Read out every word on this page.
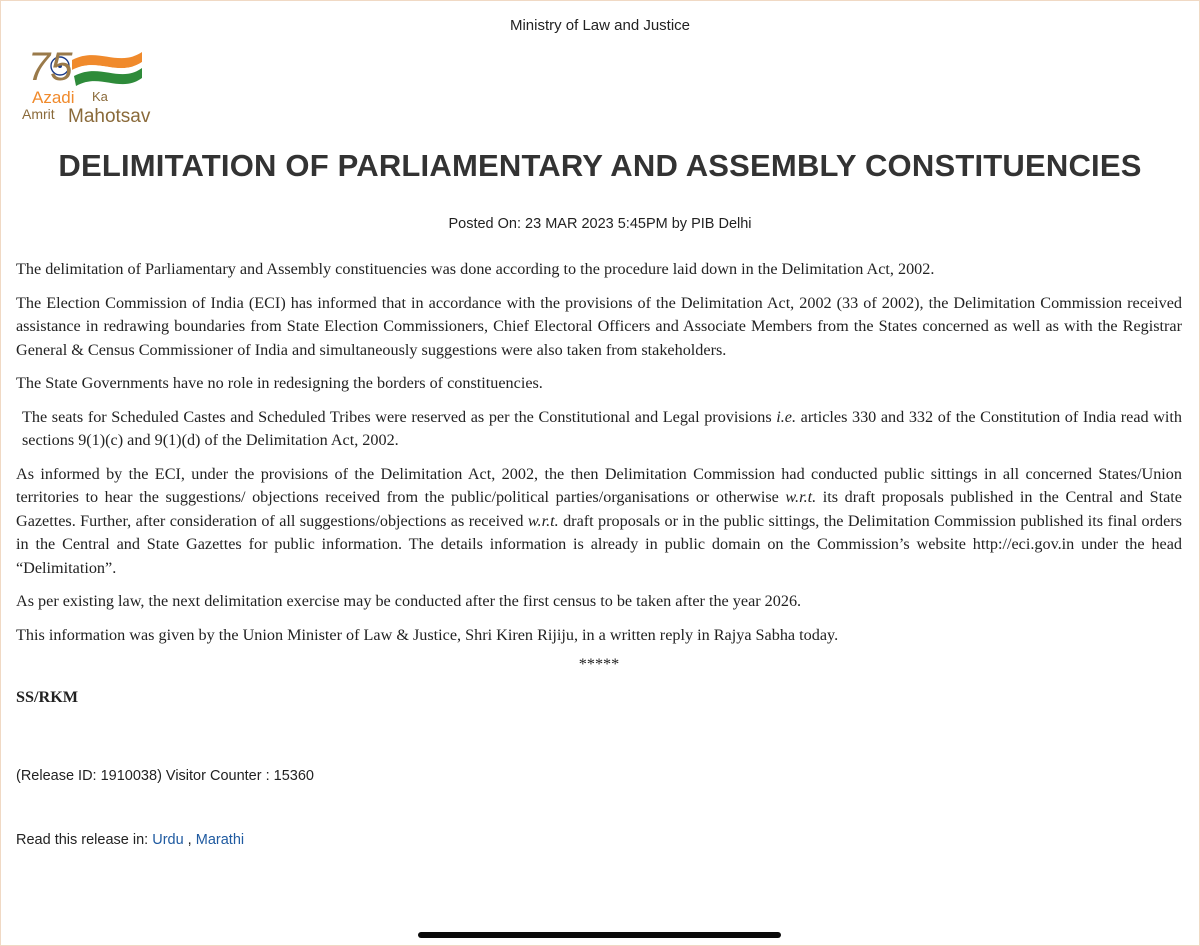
Ministry of Law and Justice
75
Azadi Ka
Amrit Mahotsav
DELIMITATION OF PARLIAMENTARY AND ASSEMBLY CONSTITUENCIES
Posted On: 23 MAR 2023 5:45PM by PIB Delhi

The delimitation of Parliamentary and Assembly constituencies was done according to the procedure laid down in the Delimitation Act, 2002.

The Election Commission of India (ECI) has informed that in accordance with the provisions of the Delimitation Act, 2002 (33 of 2002), the Delimitation Commission received assistance in redrawing boundaries from State Election Commissioners, Chief Electoral Officers and Associate Members from the States concerned as well as with the Registrar General & Census Commissioner of India and simultaneously suggestions were also taken from stakeholders.

The State Governments have no role in redesigning the borders of constituencies.

The seats for Scheduled Castes and Scheduled Tribes were reserved as per the Constitutional and Legal provisions i.e. articles 330 and 332 of the Constitution of India read with sections 9(1)(c) and 9(1)(d) of the Delimitation Act, 2002.

As informed by the ECI, under the provisions of the Delimitation Act, 2002, the then Delimitation Commission had conducted public sittings in all concerned States/Union territories to hear the suggestions/ objections received from the public/political parties/organisations or otherwise w.r.t. its draft proposals published in the Central and State Gazettes. Further, after consideration of all suggestions/objections as received w.r.t. draft proposals or in the public sittings, the Delimitation Commission published its final orders in the Central and State Gazettes for public information. The details information is already in public domain on the Commission’s website http://eci.gov.in under the head “Delimitation”.

As per existing law, the next delimitation exercise may be conducted after the first census to be taken after the year 2026.

This information was given by the Union Minister of Law & Justice, Shri Kiren Rijiju, in a written reply in Rajya Sabha today.

*****
SS/RKM
(Release ID: 1910038) Visitor Counter : 15360
Read this release in: Urdu , Marathi
